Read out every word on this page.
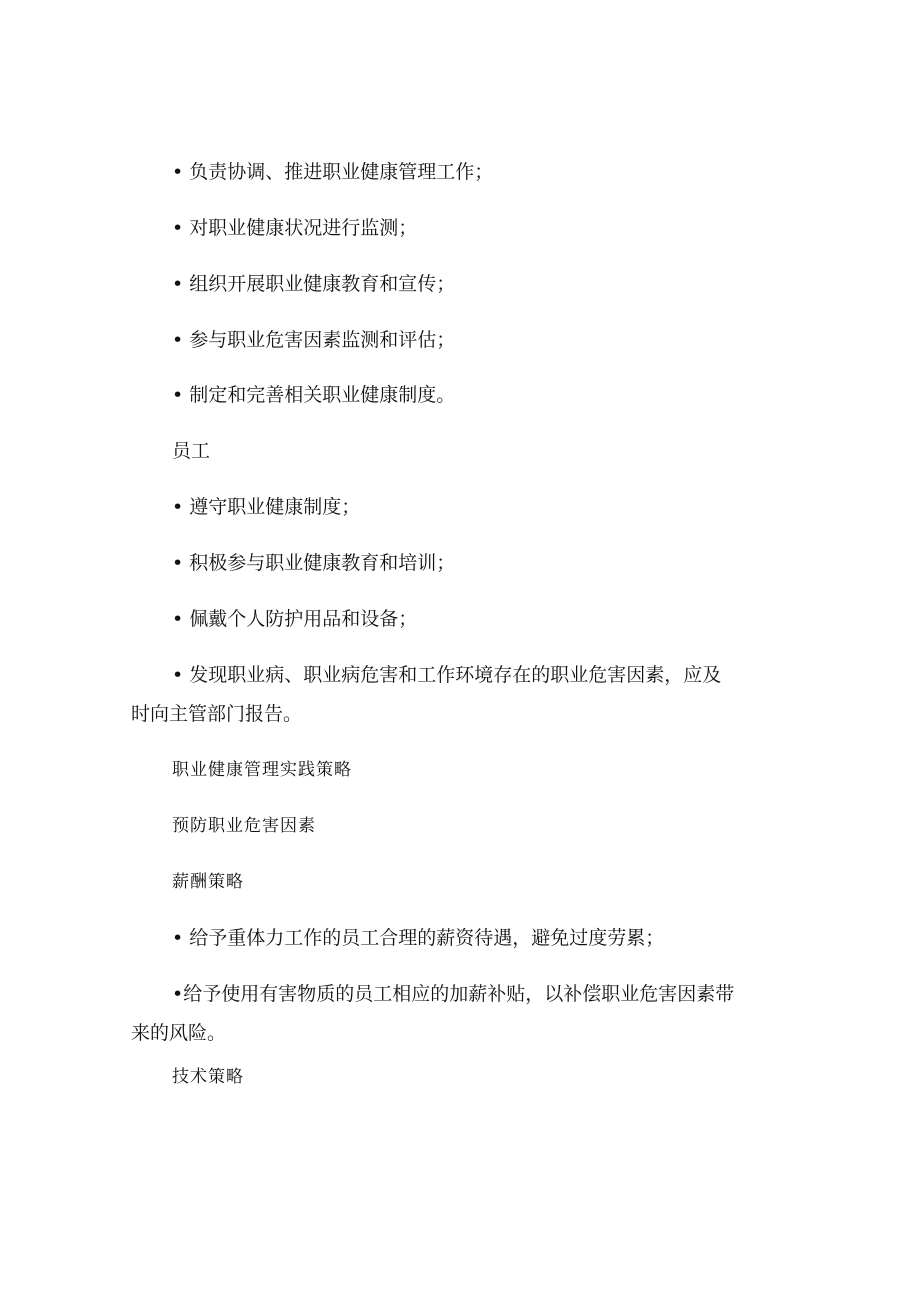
• 负责协调、推进职业健康管理工作；
• 对职业健康状况进行监测；
• 组织开展职业健康教育和宣传；
• 参与职业危害因素监测和评估；
• 制定和完善相关职业健康制度。
员工
• 遵守职业健康制度；
• 积极参与职业健康教育和培训；
• 佩戴个人防护用品和设备；
• 发现职业病、职业病危害和工作环境存在的职业危害因素，应及
时向主管部门报告。
职业健康管理实践策略
预防职业危害因素
薪酬策略
• 给予重体力工作的员工合理的薪资待遇，避免过度劳累；
•给予使用有害物质的员工相应的加薪补贴，以补偿职业危害因素带
来的风险。
技术策略
